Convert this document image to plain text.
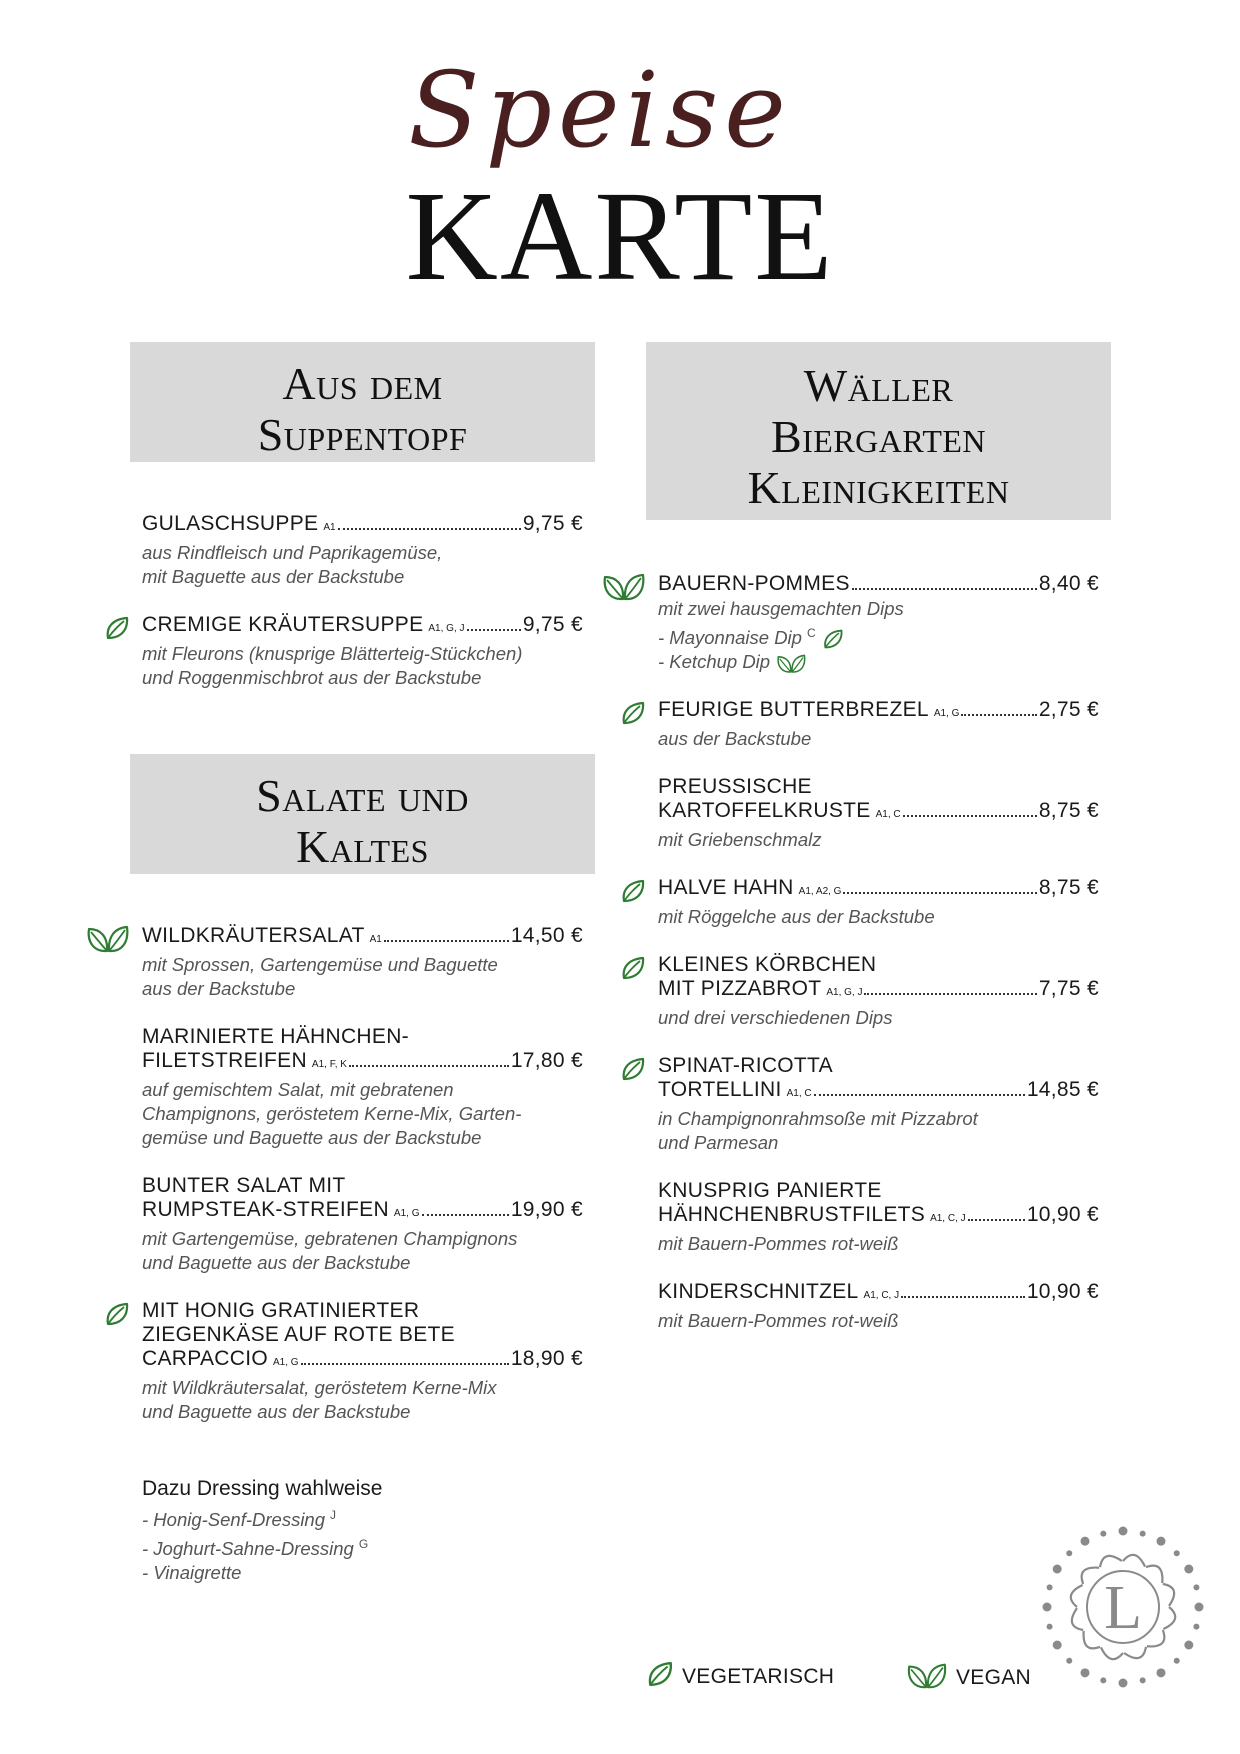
Speise
KARTE
Aus dem
Suppentopf
GULASCHSUPPE A1	9,75 €
aus Rindfleisch und Paprikagemüse,
mit Baguette aus der Backstube
CREMIGE KRÄUTERSUPPE A1, G, J	9,75 €
mit Fleurons (knusprige Blätterteig-Stückchen)
und Roggenmischbrot aus der Backstube
Salate und
Kaltes
WILDKRÄUTERSALAT A1	14,50 €
mit Sprossen, Gartengemüse und Baguette
aus der Backstube
MARINIERTE HÄHNCHEN-
FILETSTREIFEN A1, F, K	17,80 €
auf gemischtem Salat, mit gebratenen
Champignons, geröstetem Kerne-Mix, Garten-
gemüse und Baguette aus der Backstube
BUNTER SALAT MIT
RUMPSTEAK-STREIFEN A1, G	19,90 €
mit Gartengemüse, gebratenen Champignons
und Baguette aus der Backstube
MIT HONIG GRATINIERTER
ZIEGENKÄSE AUF ROTE BETE
CARPACCIO A1, G	18,90 €
mit Wildkräutersalat, geröstetem Kerne-Mix
und Baguette aus der Backstube
Dazu Dressing wahlweise
- Honig-Senf-Dressing $^J$
- Joghurt-Sahne-Dressing $^G$
- Vinaigrette
Wäller
Biergarten
Kleinigkeiten
BAUERN-POMMES	8,40 €
mit zwei hausgemachten Dips
- Mayonnaise Dip $^C$
- Ketchup Dip
FEURIGE BUTTERBREZEL A1, G	2,75 €
aus der Backstube
PREUSSISCHE
KARTOFFELKRUSTE A1, C	8,75 €
mit Griebenschmalz
HALVE HAHN A1, A2, G	8,75 €
mit Röggelche aus der Backstube
KLEINES KÖRBCHEN
MIT PIZZABROT A1, G, J	7,75 €
und drei verschiedenen Dips
SPINAT-RICOTTA
TORTELLINI A1, C	14,85 €
in Champignonrahmsoße mit Pizzabrot
und Parmesan
KNUSPRIG PANIERTE
HÄHNCHENBRUSTFILETS A1, C, J	10,90 €
mit Bauern-Pommes rot-weiß
KINDERSCHNITZEL A1, C, J	10,90 €
mit Bauern-Pommes rot-weiß
VEGETARISCH	VEGAN
L
